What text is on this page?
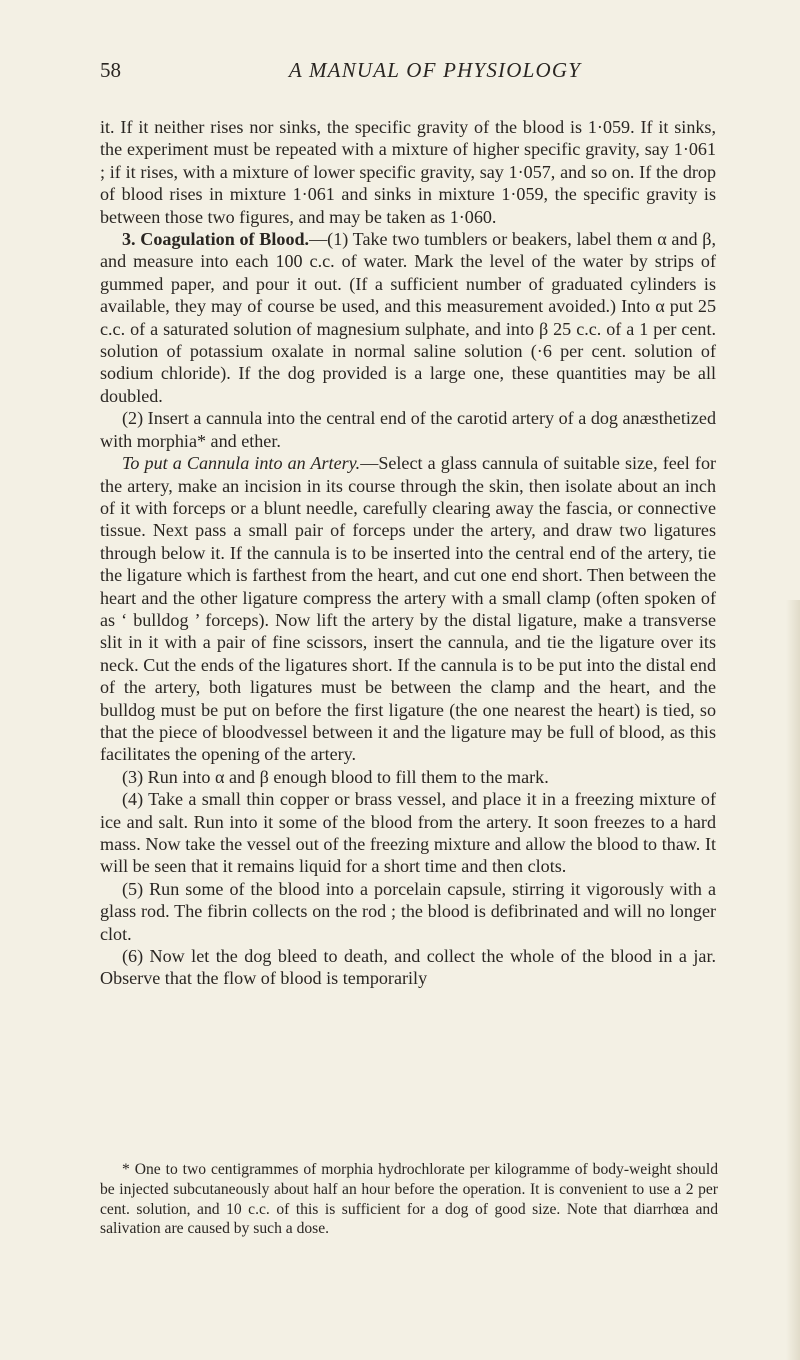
58	A MANUAL OF PHYSIOLOGY

it. If it neither rises nor sinks, the specific gravity of the blood is 1·059. If it sinks, the experiment must be repeated with a mixture of higher specific gravity, say 1·061 ; if it rises, with a mixture of lower specific gravity, say 1·057, and so on. If the drop of blood rises in mixture 1·061 and sinks in mixture 1·059, the specific gravity is between those two figures, and may be taken as 1·060.

3. Coagulation of Blood.—(1) Take two tumblers or beakers, label them α and β, and measure into each 100 c.c. of water. Mark the level of the water by strips of gummed paper, and pour it out. (If a sufficient number of graduated cylinders is available, they may of course be used, and this measurement avoided.) Into α put 25 c.c. of a saturated solution of magnesium sulphate, and into β 25 c.c. of a 1 per cent. solution of potassium oxalate in normal saline solution (·6 per cent. solution of sodium chloride). If the dog provided is a large one, these quantities may be all doubled.

(2) Insert a cannula into the central end of the carotid artery of a dog anæsthetized with morphia* and ether.

To put a Cannula into an Artery.—Select a glass cannula of suitable size, feel for the artery, make an incision in its course through the skin, then isolate about an inch of it with forceps or a blunt needle, carefully clearing away the fascia, or connective tissue. Next pass a small pair of forceps under the artery, and draw two ligatures through below it. If the cannula is to be inserted into the central end of the artery, tie the ligature which is farthest from the heart, and cut one end short. Then between the heart and the other ligature compress the artery with a small clamp (often spoken of as ‘ bulldog ’ forceps). Now lift the artery by the distal ligature, make a transverse slit in it with a pair of fine scissors, insert the cannula, and tie the ligature over its neck. Cut the ends of the ligatures short. If the cannula is to be put into the distal end of the artery, both ligatures must be between the clamp and the heart, and the bulldog must be put on before the first ligature (the one nearest the heart) is tied, so that the piece of bloodvessel between it and the ligature may be full of blood, as this facilitates the opening of the artery.

(3) Run into α and β enough blood to fill them to the mark.

(4) Take a small thin copper or brass vessel, and place it in a freezing mixture of ice and salt. Run into it some of the blood from the artery. It soon freezes to a hard mass. Now take the vessel out of the freezing mixture and allow the blood to thaw. It will be seen that it remains liquid for a short time and then clots.

(5) Run some of the blood into a porcelain capsule, stirring it vigorously with a glass rod. The fibrin collects on the rod ; the blood is defibrinated and will no longer clot.

(6) Now let the dog bleed to death, and collect the whole of the blood in a jar. Observe that the flow of blood is temporarily

* One to two centigrammes of morphia hydrochlorate per kilogramme of body-weight should be injected subcutaneously about half an hour before the operation. It is convenient to use a 2 per cent. solution, and 10 c.c. of this is sufficient for a dog of good size. Note that diarrhœa and salivation are caused by such a dose.
